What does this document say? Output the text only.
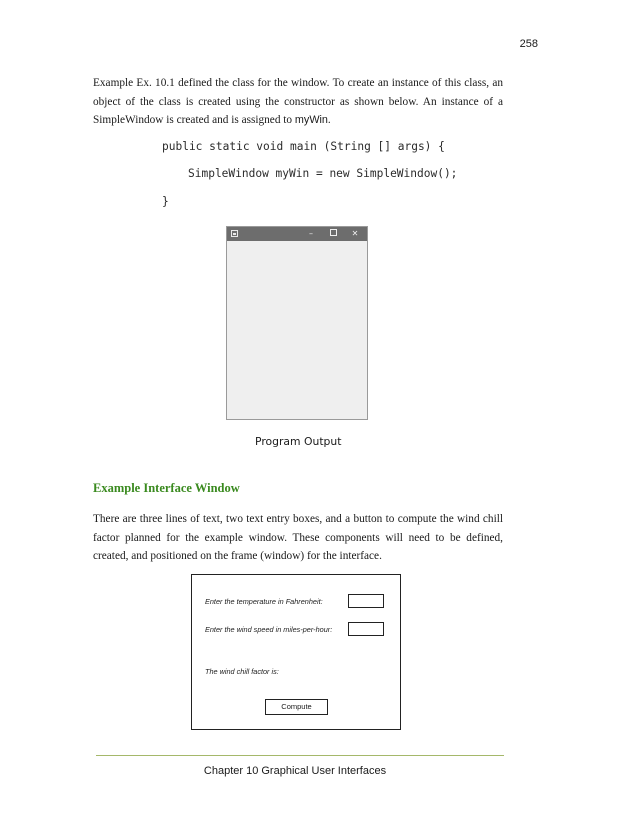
258

Example Ex. 10.1 defined the class for the window. To create an instance of this class, an object of the class is created using the constructor as shown below. An instance of a SimpleWindow is created and is assigned to myWin.

public static void main (String [] args) {
SimpleWindow myWin = new SimpleWindow();
}
–	✕
Program Output
Example Interface Window

There are three lines of text, two text entry boxes, and a button to compute the wind chill factor planned for the example window. These components will need to be defined, created, and positioned on the frame (window) for the interface.

Enter the temperature in Fahrenheit:
Enter the wind speed in miles-per-hour:
The wind chill factor is:
Compute
Chapter 10 Graphical User Interfaces
